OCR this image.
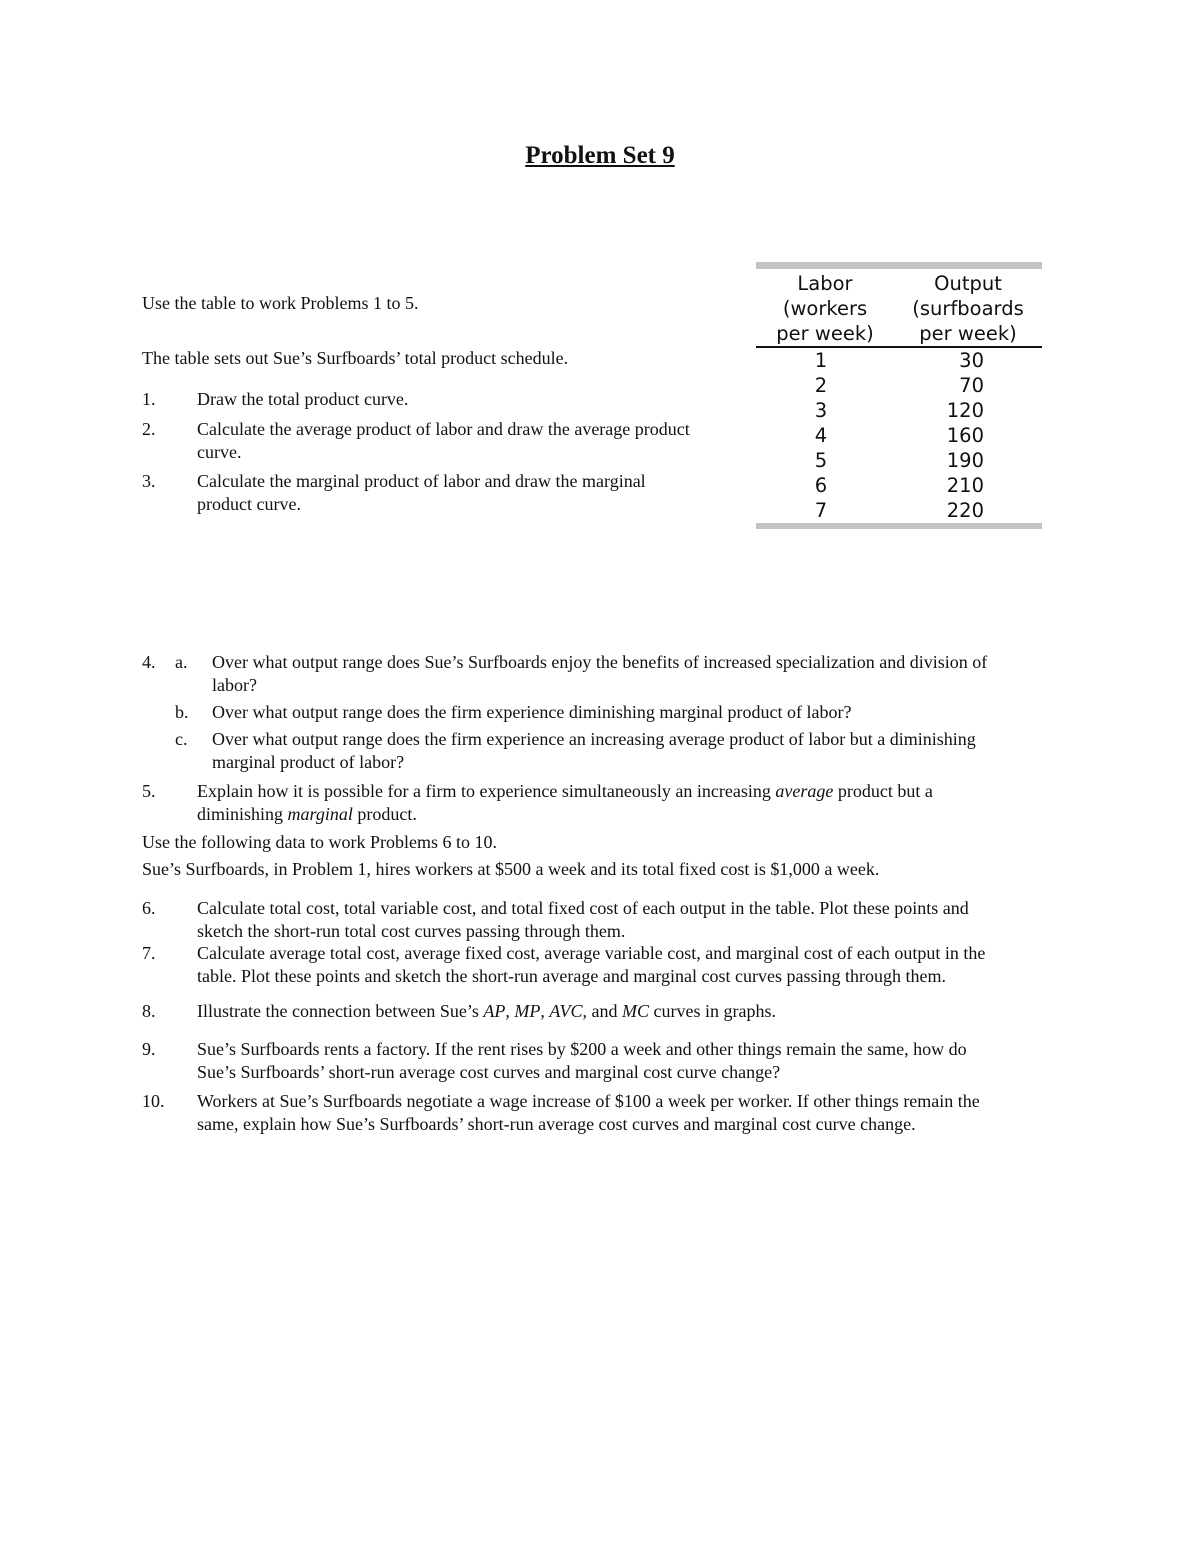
Problem Set 9
Use the table to work Problems 1 to 5.
The table sets out Sue’s Surfboards’ total product schedule.
1. Draw the total product curve.
2. Calculate the average product of labor and draw the average product
curve.
3. Calculate the marginal product of labor and draw the marginal
product curve.
Labor
(workers
per week)
Output
(surfboards
per week)
1	30
2	70
3	120
4	160
5	190
6	210
7	220
4. a. Over what output range does Sue’s Surfboards enjoy the benefits of increased specialization and division of
labor?
b. Over what output range does the firm experience diminishing marginal product of labor?
c. Over what output range does the firm experience an increasing average product of labor but a diminishing
marginal product of labor?
5. Explain how it is possible for a firm to experience simultaneously an increasing average product but a
diminishing marginal product.
Use the following data to work Problems 6 to 10.
Sue’s Surfboards, in Problem 1, hires workers at $500 a week and its total fixed cost is $1,000 a week.
6. Calculate total cost, total variable cost, and total fixed cost of each output in the table. Plot these points and
sketch the short-run total cost curves passing through them.
7. Calculate average total cost, average fixed cost, average variable cost, and marginal cost of each output in the
table. Plot these points and sketch the short-run average and marginal cost curves passing through them.
8. Illustrate the connection between Sue’s AP, MP, AVC, and MC curves in graphs.
9. Sue’s Surfboards rents a factory. If the rent rises by $200 a week and other things remain the same, how do
Sue’s Surfboards’ short-run average cost curves and marginal cost curve change?
10. Workers at Sue’s Surfboards negotiate a wage increase of $100 a week per worker. If other things remain the
same, explain how Sue’s Surfboards’ short-run average cost curves and marginal cost curve change.
